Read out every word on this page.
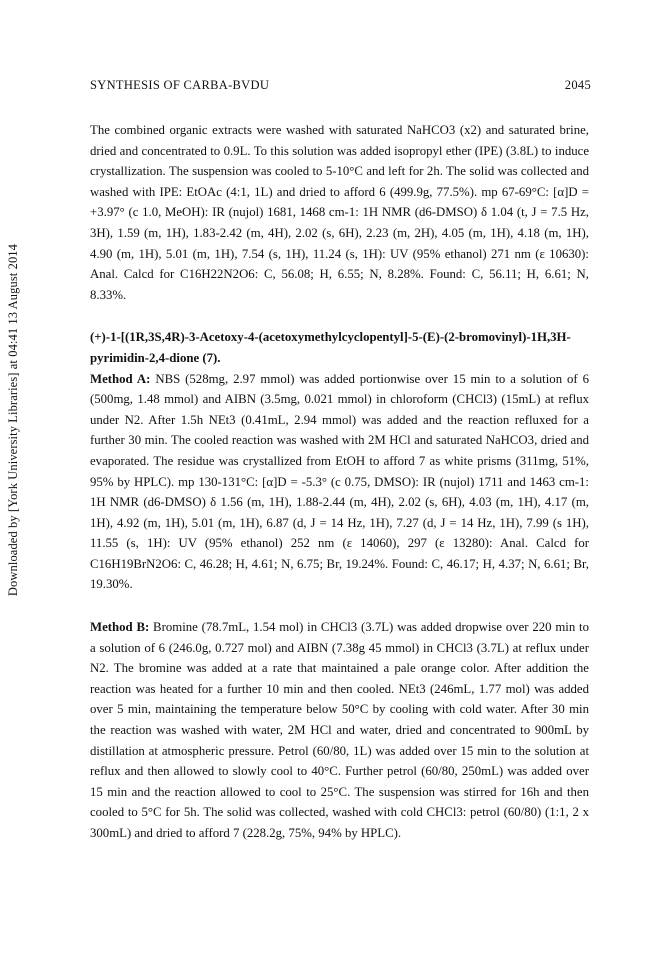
Downloaded by [York University Libraries] at 04:41 13 August 2014
SYNTHESIS OF CARBA-BVDU	2045

The combined organic extracts were washed with saturated NaHCO3 (x2) and saturated brine, dried and concentrated to 0.9L. To this solution was added isopropyl ether (IPE) (3.8L) to induce crystallization. The suspension was cooled to 5-10°C and left for 2h. The solid was collected and washed with IPE: EtOAc (4:1, 1L) and dried to afford 6 (499.9g, 77.5%). mp 67-69°C: [α]D = +3.97° (c 1.0, MeOH): IR (nujol) 1681, 1468 cm-1: 1H NMR (d6-DMSO) δ 1.04 (t, J = 7.5 Hz, 3H), 1.59 (m, 1H), 1.83-2.42 (m, 4H), 2.02 (s, 6H), 2.23 (m, 2H), 4.05 (m, 1H), 4.18 (m, 1H), 4.90 (m, 1H), 5.01 (m, 1H), 7.54 (s, 1H), 11.24 (s, 1H): UV (95% ethanol) 271 nm (ε 10630): Anal. Calcd for C16H22N2O6: C, 56.08; H, 6.55; N, 8.28%. Found: C, 56.11; H, 6.61; N, 8.33%.

(+)-1-[(1R,3S,4R)-3-Acetoxy-4-(acetoxymethylcyclopentyl]-5-(E)-(2-bromovinyl)-1H,3H-pyrimidin-2,4-dione (7).

Method A: NBS (528mg, 2.97 mmol) was added portionwise over 15 min to a solution of 6 (500mg, 1.48 mmol) and AIBN (3.5mg, 0.021 mmol) in chloroform (CHCl3) (15mL) at reflux under N2. After 1.5h NEt3 (0.41mL, 2.94 mmol) was added and the reaction refluxed for a further 30 min. The cooled reaction was washed with 2M HCl and saturated NaHCO3, dried and evaporated. The residue was crystallized from EtOH to afford 7 as white prisms (311mg, 51%, 95% by HPLC). mp 130-131°C: [α]D = -5.3° (c 0.75, DMSO): IR (nujol) 1711 and 1463 cm-1: 1H NMR (d6-DMSO) δ 1.56 (m, 1H), 1.88-2.44 (m, 4H), 2.02 (s, 6H), 4.03 (m, 1H), 4.17 (m, 1H), 4.92 (m, 1H), 5.01 (m, 1H), 6.87 (d, J = 14 Hz, 1H), 7.27 (d, J = 14 Hz, 1H), 7.99 (s 1H), 11.55 (s, 1H): UV (95% ethanol) 252 nm (ε 14060), 297 (ε 13280): Anal. Calcd for C16H19BrN2O6: C, 46.28; H, 4.61; N, 6.75; Br, 19.24%. Found: C, 46.17; H, 4.37; N, 6.61; Br, 19.30%.

Method B: Bromine (78.7mL, 1.54 mol) in CHCl3 (3.7L) was added dropwise over 220 min to a solution of 6 (246.0g, 0.727 mol) and AIBN (7.38g 45 mmol) in CHCl3 (3.7L) at reflux under N2. The bromine was added at a rate that maintained a pale orange color. After addition the reaction was heated for a further 10 min and then cooled. NEt3 (246mL, 1.77 mol) was added over 5 min, maintaining the temperature below 50°C by cooling with cold water. After 30 min the reaction was washed with water, 2M HCl and water, dried and concentrated to 900mL by distillation at atmospheric pressure. Petrol (60/80, 1L) was added over 15 min to the solution at reflux and then allowed to slowly cool to 40°C. Further petrol (60/80, 250mL) was added over 15 min and the reaction allowed to cool to 25°C. The suspension was stirred for 16h and then cooled to 5°C for 5h. The solid was collected, washed with cold CHCl3: petrol (60/80) (1:1, 2 x 300mL) and dried to afford 7 (228.2g, 75%, 94% by HPLC).
